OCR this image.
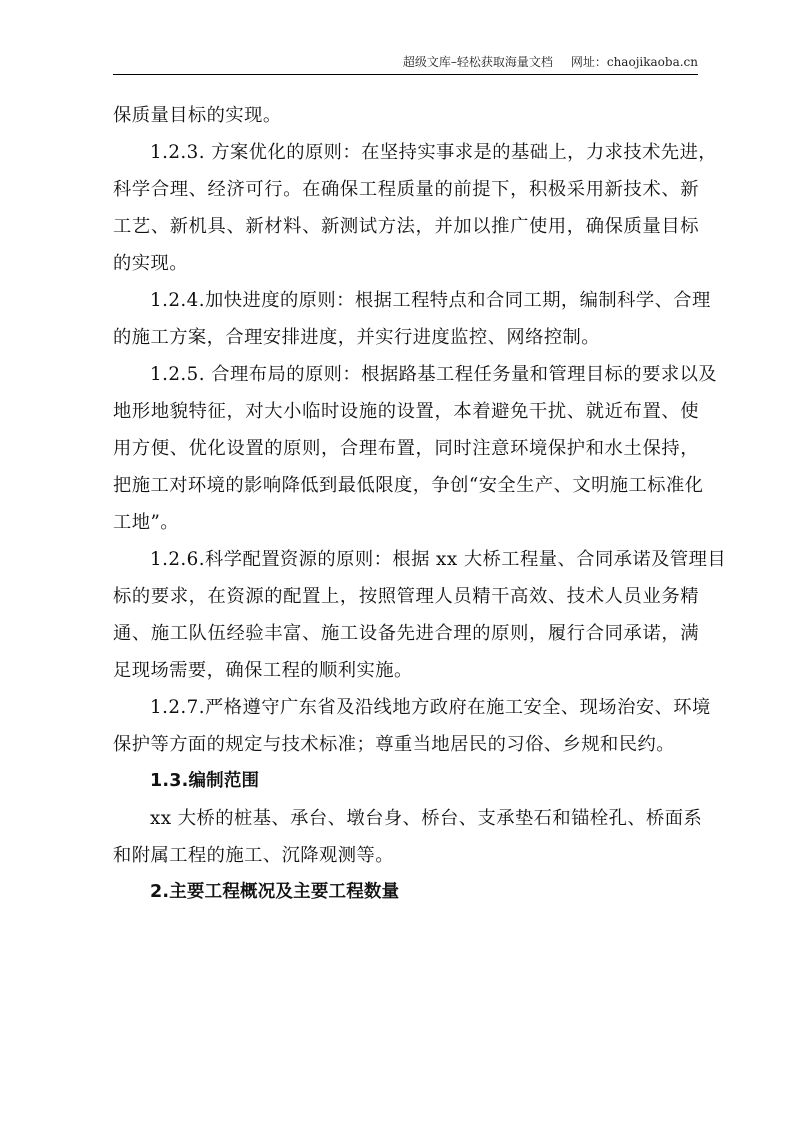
超级文库–轻松获取海量文档 网址：chaojikaoba.cn
保质量目标的实现。
1.2.3. 方案优化的原则：在坚持实事求是的基础上，力求技术先进，
科学合理、经济可行。在确保工程质量的前提下，积极采用新技术、新
工艺、新机具、新材料、新测试方法，并加以推广使用，确保质量目标
的实现。
1.2.4.加快进度的原则：根据工程特点和合同工期，编制科学、合理
的施工方案，合理安排进度，并实行进度监控、网络控制。
1.2.5. 合理布局的原则：根据路基工程任务量和管理目标的要求以及
地形地貌特征，对大小临时设施的设置，本着避免干扰、就近布置、使
用方便、优化设置的原则，合理布置，同时注意环境保护和水土保持，
把施工对环境的影响降低到最低限度，争创“安全生产、文明施工标准化
工地”。
1.2.6.科学配置资源的原则：根据 xx 大桥工程量、合同承诺及管理目
标的要求，在资源的配置上，按照管理人员精干高效、技术人员业务精
通、施工队伍经验丰富、施工设备先进合理的原则，履行合同承诺，满
足现场需要，确保工程的顺利实施。
1.2.7.严格遵守广东省及沿线地方政府在施工安全、现场治安、环境
保护等方面的规定与技术标准；尊重当地居民的习俗、乡规和民约。
1.3.编制范围
xx 大桥的桩基、承台、墩台身、桥台、支承垫石和锚栓孔、桥面系
和附属工程的施工、沉降观测等。
2.主要工程概况及主要工程数量
